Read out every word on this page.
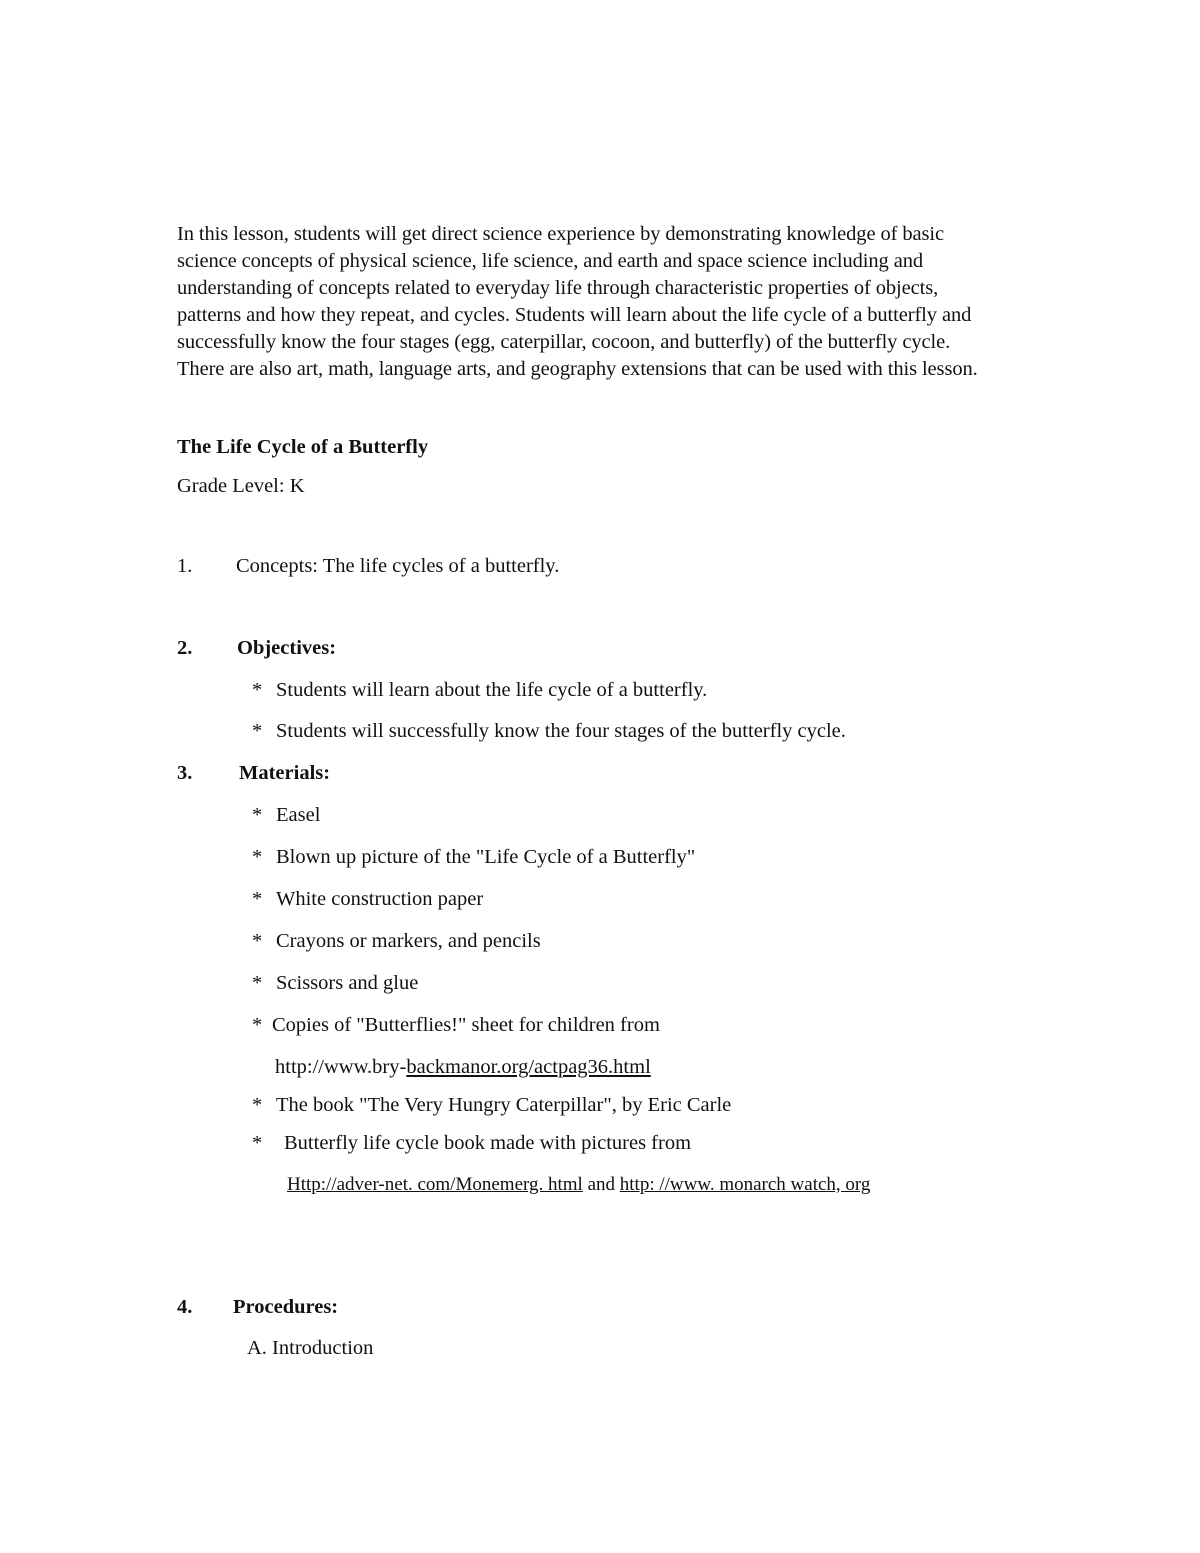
In this lesson, students will get direct science experience by demonstrating knowledge of basic
science concepts of physical science, life science, and earth and space science including and
understanding of concepts related to everyday life through characteristic properties of objects,
patterns and how they repeat, and cycles. Students will learn about the life cycle of a butterfly and
successfully know the four stages (egg, caterpillar, cocoon, and butterfly) of the butterfly cycle.
There are also art, math, language arts, and geography extensions that can be used with this lesson.
The Life Cycle of a Butterfly
Grade Level: K
1. Concepts: The life cycles of a butterfly.
2. Objectives:
* Students will learn about the life cycle of a butterfly.
* Students will successfully know the four stages of the butterfly cycle.
3. Materials:
* Easel
* Blown up picture of the "Life Cycle of a Butterfly"
* White construction paper
* Crayons or markers, and pencils
* Scissors and glue
* Copies of "Butterflies!" sheet for children from
http://www.bry-backmanor.org/actpag36.html
* The book "The Very Hungry Caterpillar", by Eric Carle
* Butterfly life cycle book made with pictures from
Http://adver-net. com/Monemerg. html and http: //www. monarch watch, org
4. Procedures:
A. Introduction
